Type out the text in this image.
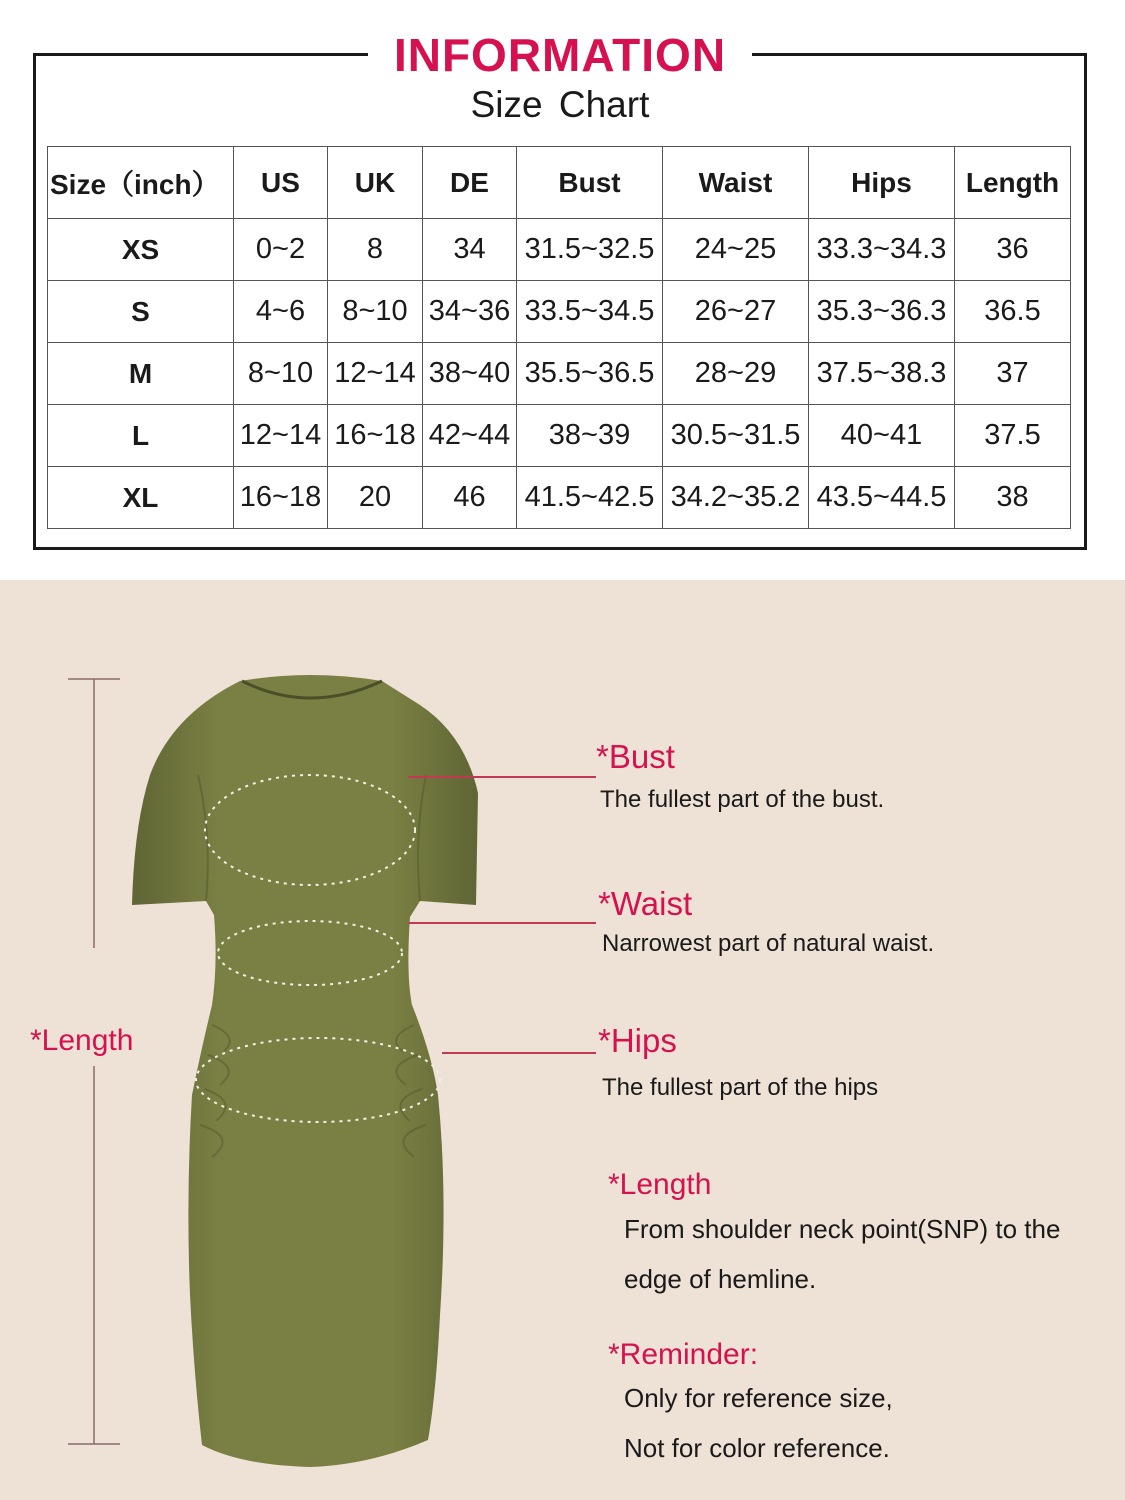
INFORMATION
Size Chart
Size（inch）	US	UK	DE	Bust	Waist	Hips	Length
XS	0~2	8	34	31.5~32.5	24~25	33.3~34.3	36
S	4~6	8~10	34~36	33.5~34.5	26~27	35.3~36.3	36.5
M	8~10	12~14	38~40	35.5~36.5	28~29	37.5~38.3	37
L	12~14	16~18	42~44	38~39	30.5~31.5	40~41	37.5
XL	16~18	20	46	41.5~42.5	34.2~35.2	43.5~44.5	38
*Length
*Bust
The fullest part of the bust.
*Waist
Narrowest part of natural waist.
*Hips
The fullest part of the hips
*Length
From shoulder neck point(SNP) to the
edge of hemline.
*Reminder:
Only for reference size,
Not for color reference.
